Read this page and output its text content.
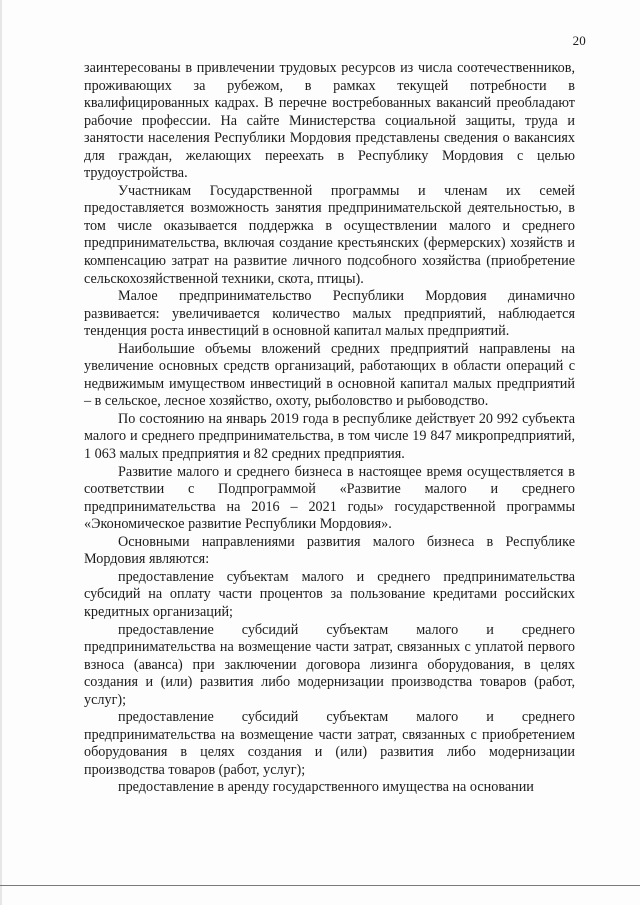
20

заинтересованы в привлечении трудовых ресурсов из числа соотечественников, проживающих за рубежом, в рамках текущей потребности в квалифицированных кадрах. В перечне востребованных вакансий преобладают рабочие профессии. На сайте Министерства социальной защиты, труда и занятости населения Республики Мордовия представлены сведения о вакансиях для граждан, желающих переехать в Республику Мордовия с целью трудоустройства.

Участникам Государственной программы и членам их семей предоставляется возможность занятия предпринимательской деятельностью, в том числе оказывается поддержка в осуществлении малого и среднего предпринимательства, включая создание крестьянских (фермерских) хозяйств и компенсацию затрат на развитие личного подсобного хозяйства (приобретение сельскохозяйственной техники, скота, птицы).

Малое предпринимательство Республики Мордовия динамично развивается: увеличивается количество малых предприятий, наблюдается тенденция роста инвестиций в основной капитал малых предприятий.

Наибольшие объемы вложений средних предприятий направлены на увеличение основных средств организаций, работающих в области операций с недвижимым имуществом инвестиций в основной капитал малых предприятий – в сельское, лесное хозяйство, охоту, рыболовство и рыбоводство.

По состоянию на январь 2019 года в республике действует 20 992 субъекта малого и среднего предпринимательства, в том числе 19 847 микропредприятий, 1 063 малых предприятия и 82 средних предприятия.

Развитие малого и среднего бизнеса в настоящее время осуществляется в соответствии с Подпрограммой «Развитие малого и среднего предпринимательства на 2016 – 2021 годы» государственной программы «Экономическое развитие Республики Мордовия».

Основными направлениями развития малого бизнеса в Республике Мордовия являются:

предоставление субъектам малого и среднего предпринимательства субсидий на оплату части процентов за пользование кредитами российских кредитных организаций;

предоставление субсидий субъектам малого и среднего предпринимательства на возмещение части затрат, связанных с уплатой первого взноса (аванса) при заключении договора лизинга оборудования, в целях создания и (или) развития либо модернизации производства товаров (работ, услуг);

предоставление субсидий субъектам малого и среднего предпринимательства на возмещение части затрат, связанных с приобретением оборудования в целях создания и (или) развития либо модернизации производства товаров (работ, услуг);

предоставление в аренду государственного имущества на основании
